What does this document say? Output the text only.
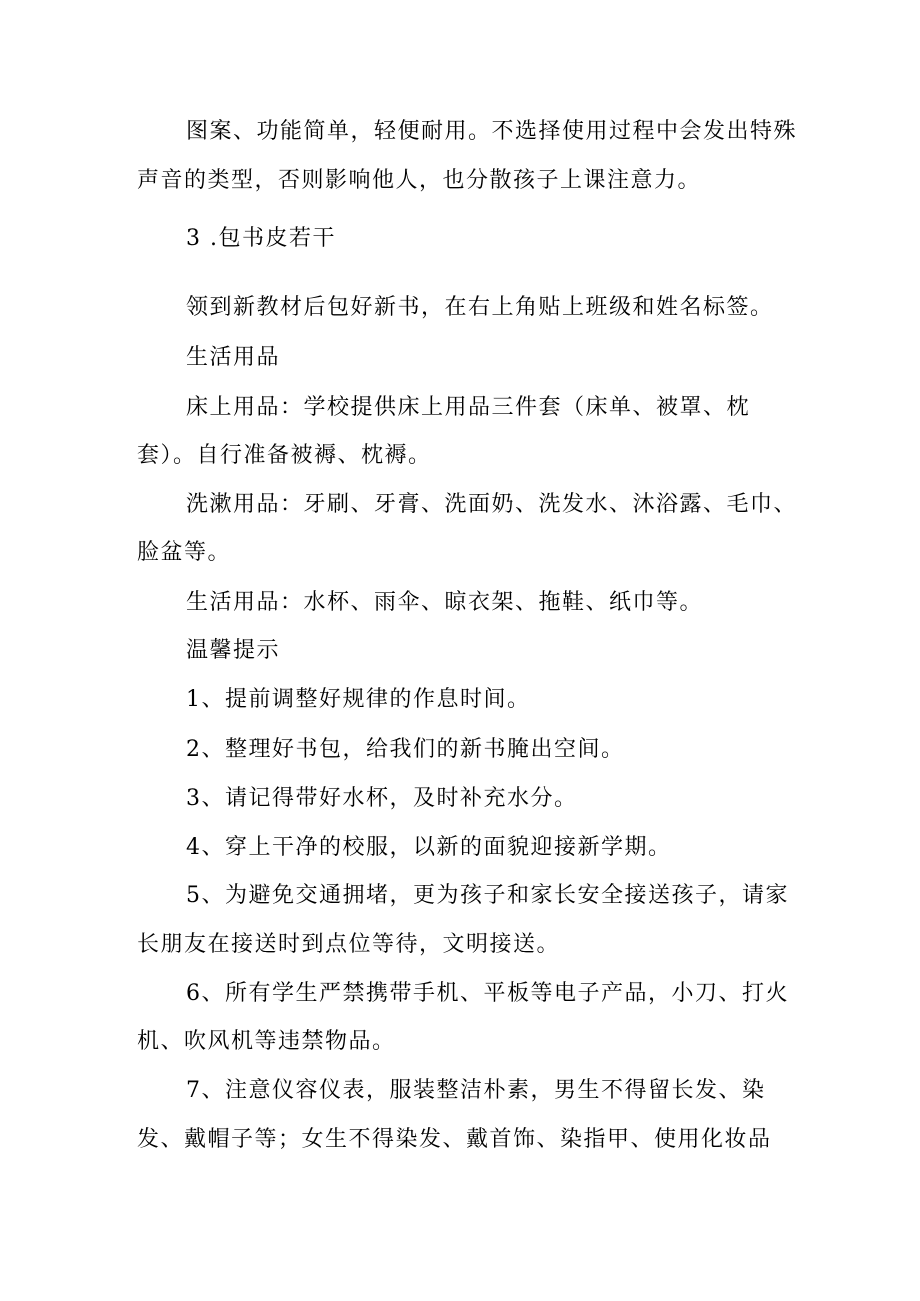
图案、功能简单，轻便耐用。不选择使用过程中会发出特殊
声音的类型，否则影响他人，也分散孩子上课注意力。
3 .包书皮若干
领到新教材后包好新书，在右上角贴上班级和姓名标签。
生活用品
床上用品：学校提供床上用品三件套（床单、被罩、枕
套）。自行准备被褥、枕褥。
洗漱用品：牙刷、牙膏、洗面奶、洗发水、沐浴露、毛巾、
脸盆等。
生活用品：水杯、雨伞、晾衣架、拖鞋、纸巾等。
温馨提示
1、提前调整好规律的作息时间。
2、整理好书包，给我们的新书腌出空间。
3、请记得带好水杯，及时补充水分。
4、穿上干净的校服，以新的面貌迎接新学期。
5、为避免交通拥堵，更为孩子和家长安全接送孩子，请家
长朋友在接送时到点位等待，文明接送。
6、所有学生严禁携带手机、平板等电子产品，小刀、打火
机、吹风机等违禁物品。
7、注意仪容仪表，服装整洁朴素，男生不得留长发、染
发、戴帽子等；女生不得染发、戴首饰、染指甲、使用化妆品
